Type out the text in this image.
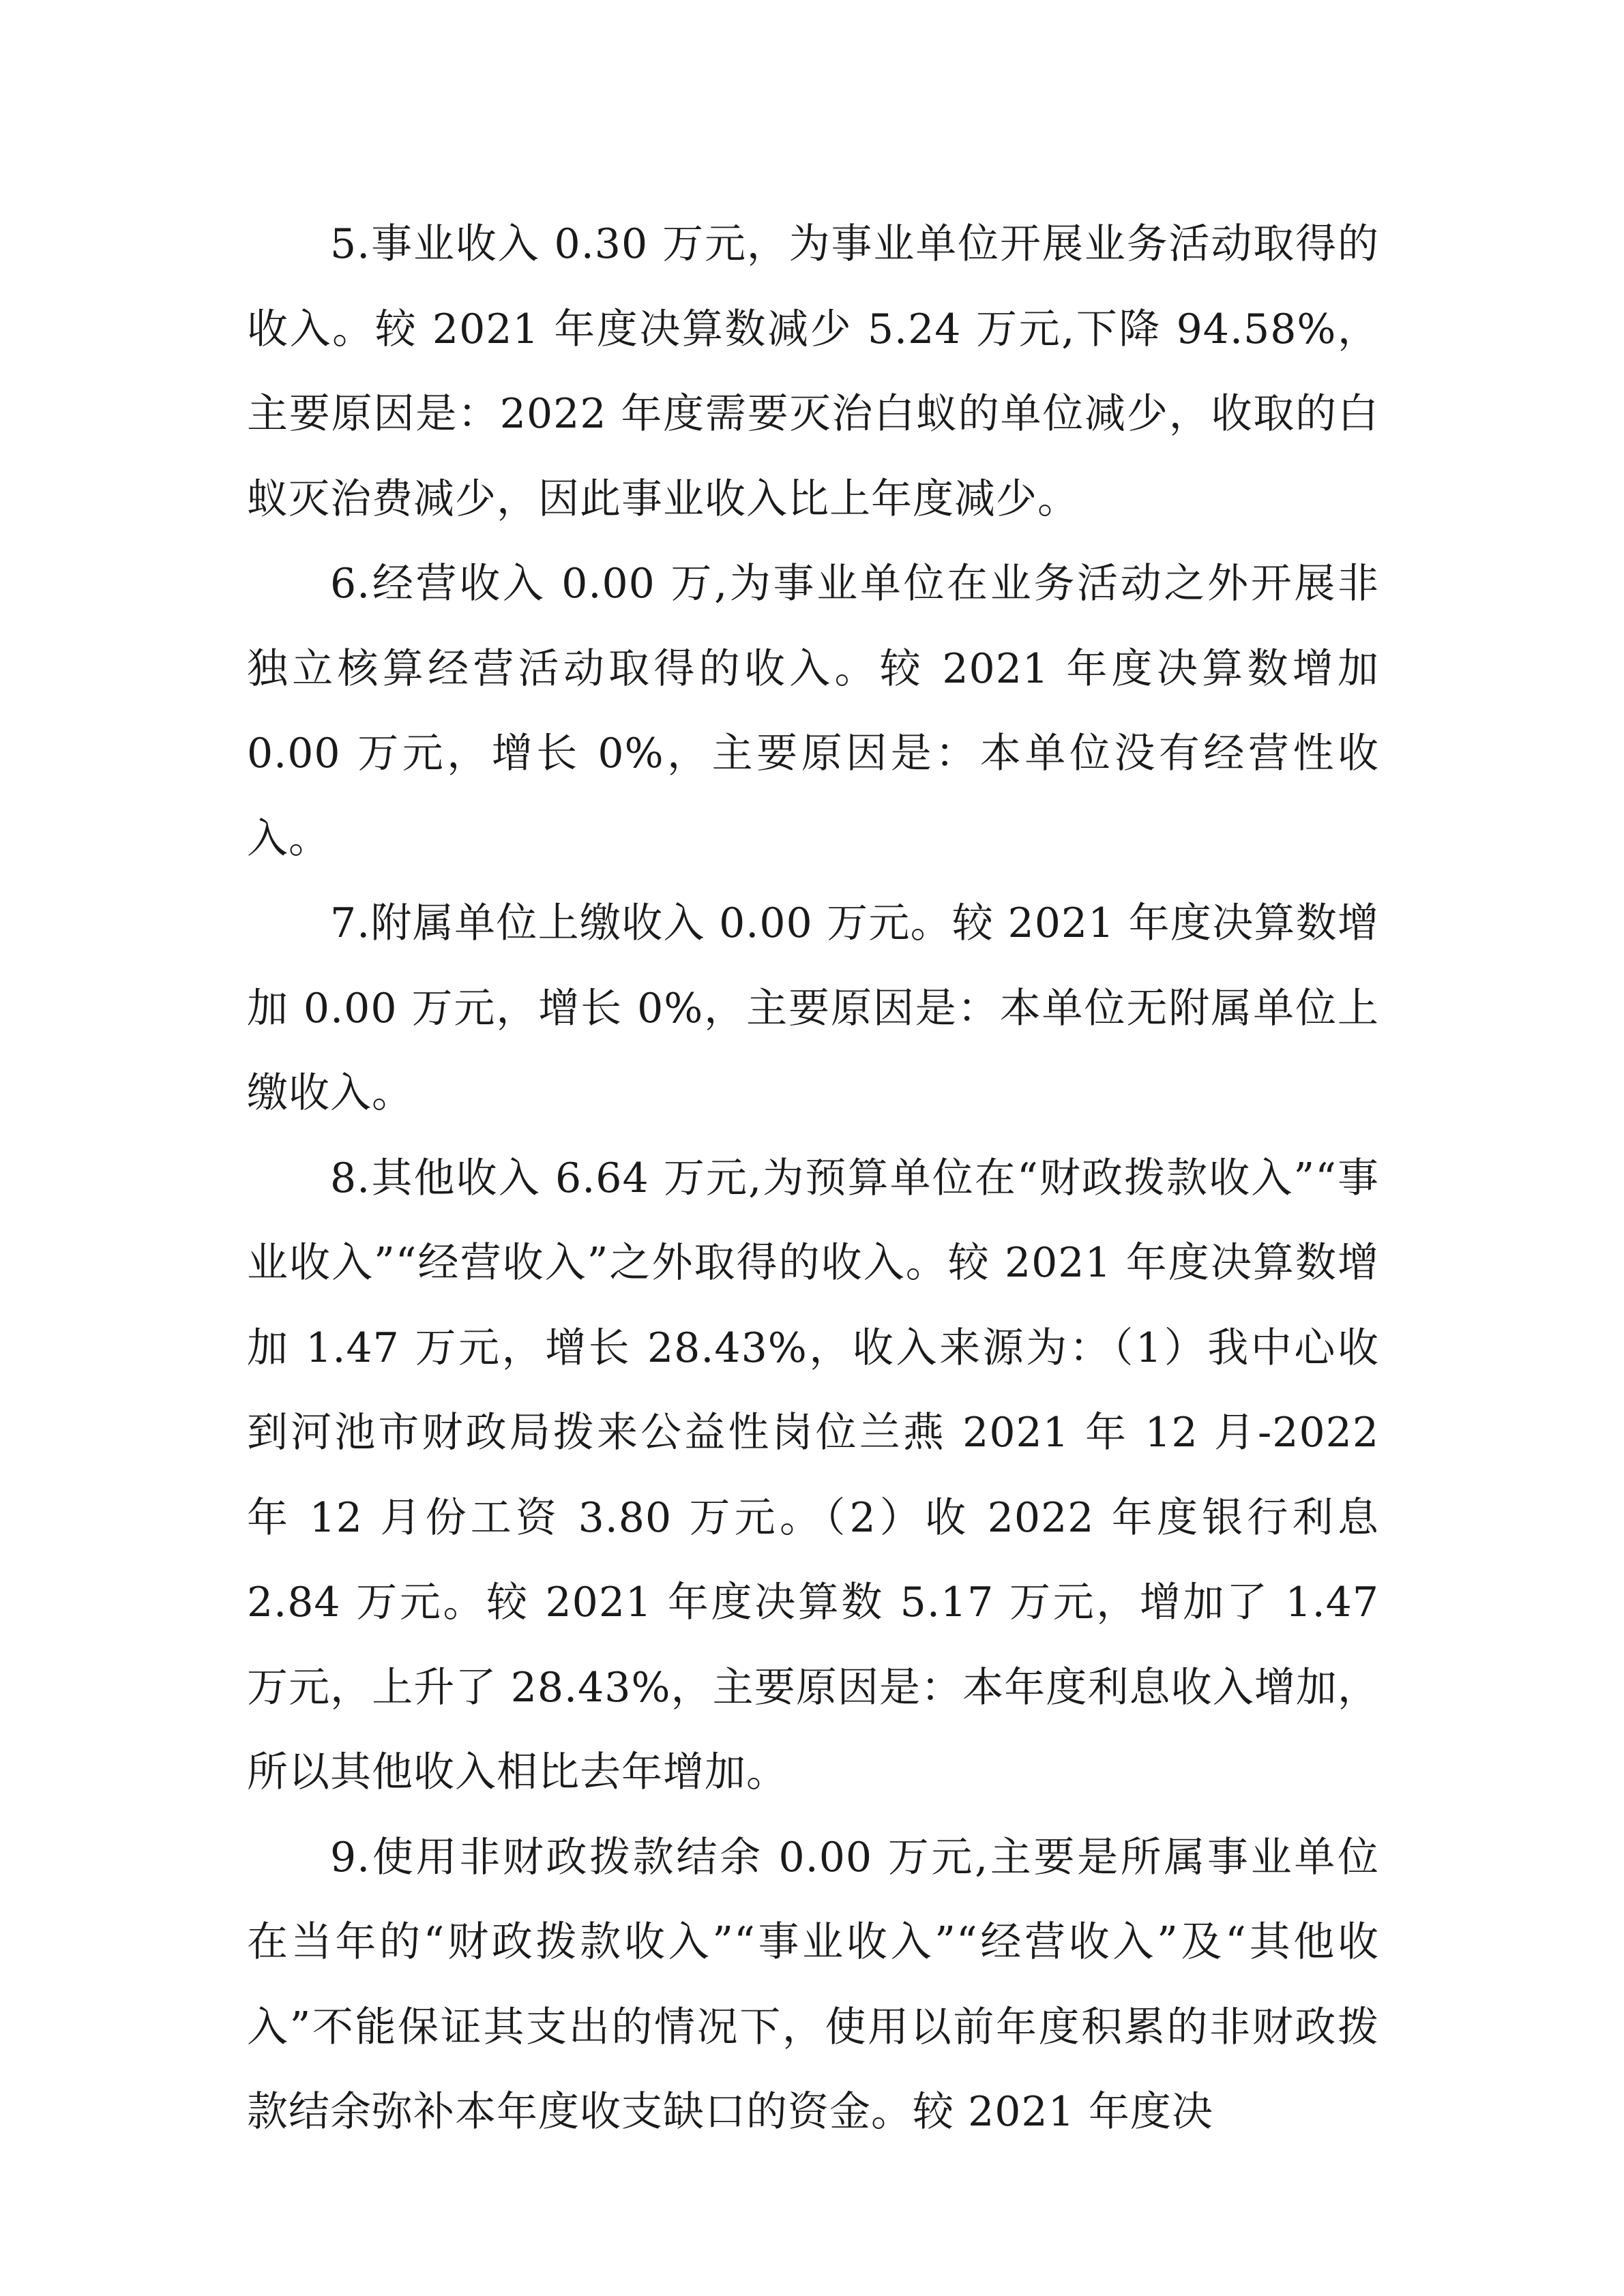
5.事业收入 0.30 万元，为事业单位开展业务活动取得的收入。较 2021 年度决算数减少 5.24 万元,下降 94.58%，主要原因是：2022 年度需要灭治白蚁的单位减少，收取的白蚁灭治费减少，因此事业收入比上年度减少。

6.经营收入 0.00 万,为事业单位在业务活动之外开展非独立核算经营活动取得的收入。较 2021 年度决算数增加 0.00 万元，增长 0%，主要原因是：本单位没有经营性收入。

7.附属单位上缴收入 0.00 万元。较 2021 年度决算数增加 0.00 万元，增长 0%，主要原因是：本单位无附属单位上缴收入。

8.其他收入 6.64 万元,为预算单位在“财政拨款收入”“事业收入”“经营收入”之外取得的收入。较 2021 年度决算数增加 1.47 万元，增长 28.43%，收入来源为：（1）我中心收到河池市财政局拨来公益性岗位兰燕 2021 年 12 月-2022 年 12 月份工资 3.80 万元。（2）收 2022 年度银行利息 2.84 万元。较 2021 年度决算数 5.17 万元，增加了 1.47 万元，上升了 28.43%，主要原因是：本年度利息收入增加，所以其他收入相比去年增加。

9.使用非财政拨款结余 0.00 万元,主要是所属事业单位在当年的“财政拨款收入”“事业收入”“经营收入”及“其他收入”不能保证其支出的情况下，使用以前年度积累的非财政拨款结余弥补本年度收支缺口的资金。较 2021 年度决
